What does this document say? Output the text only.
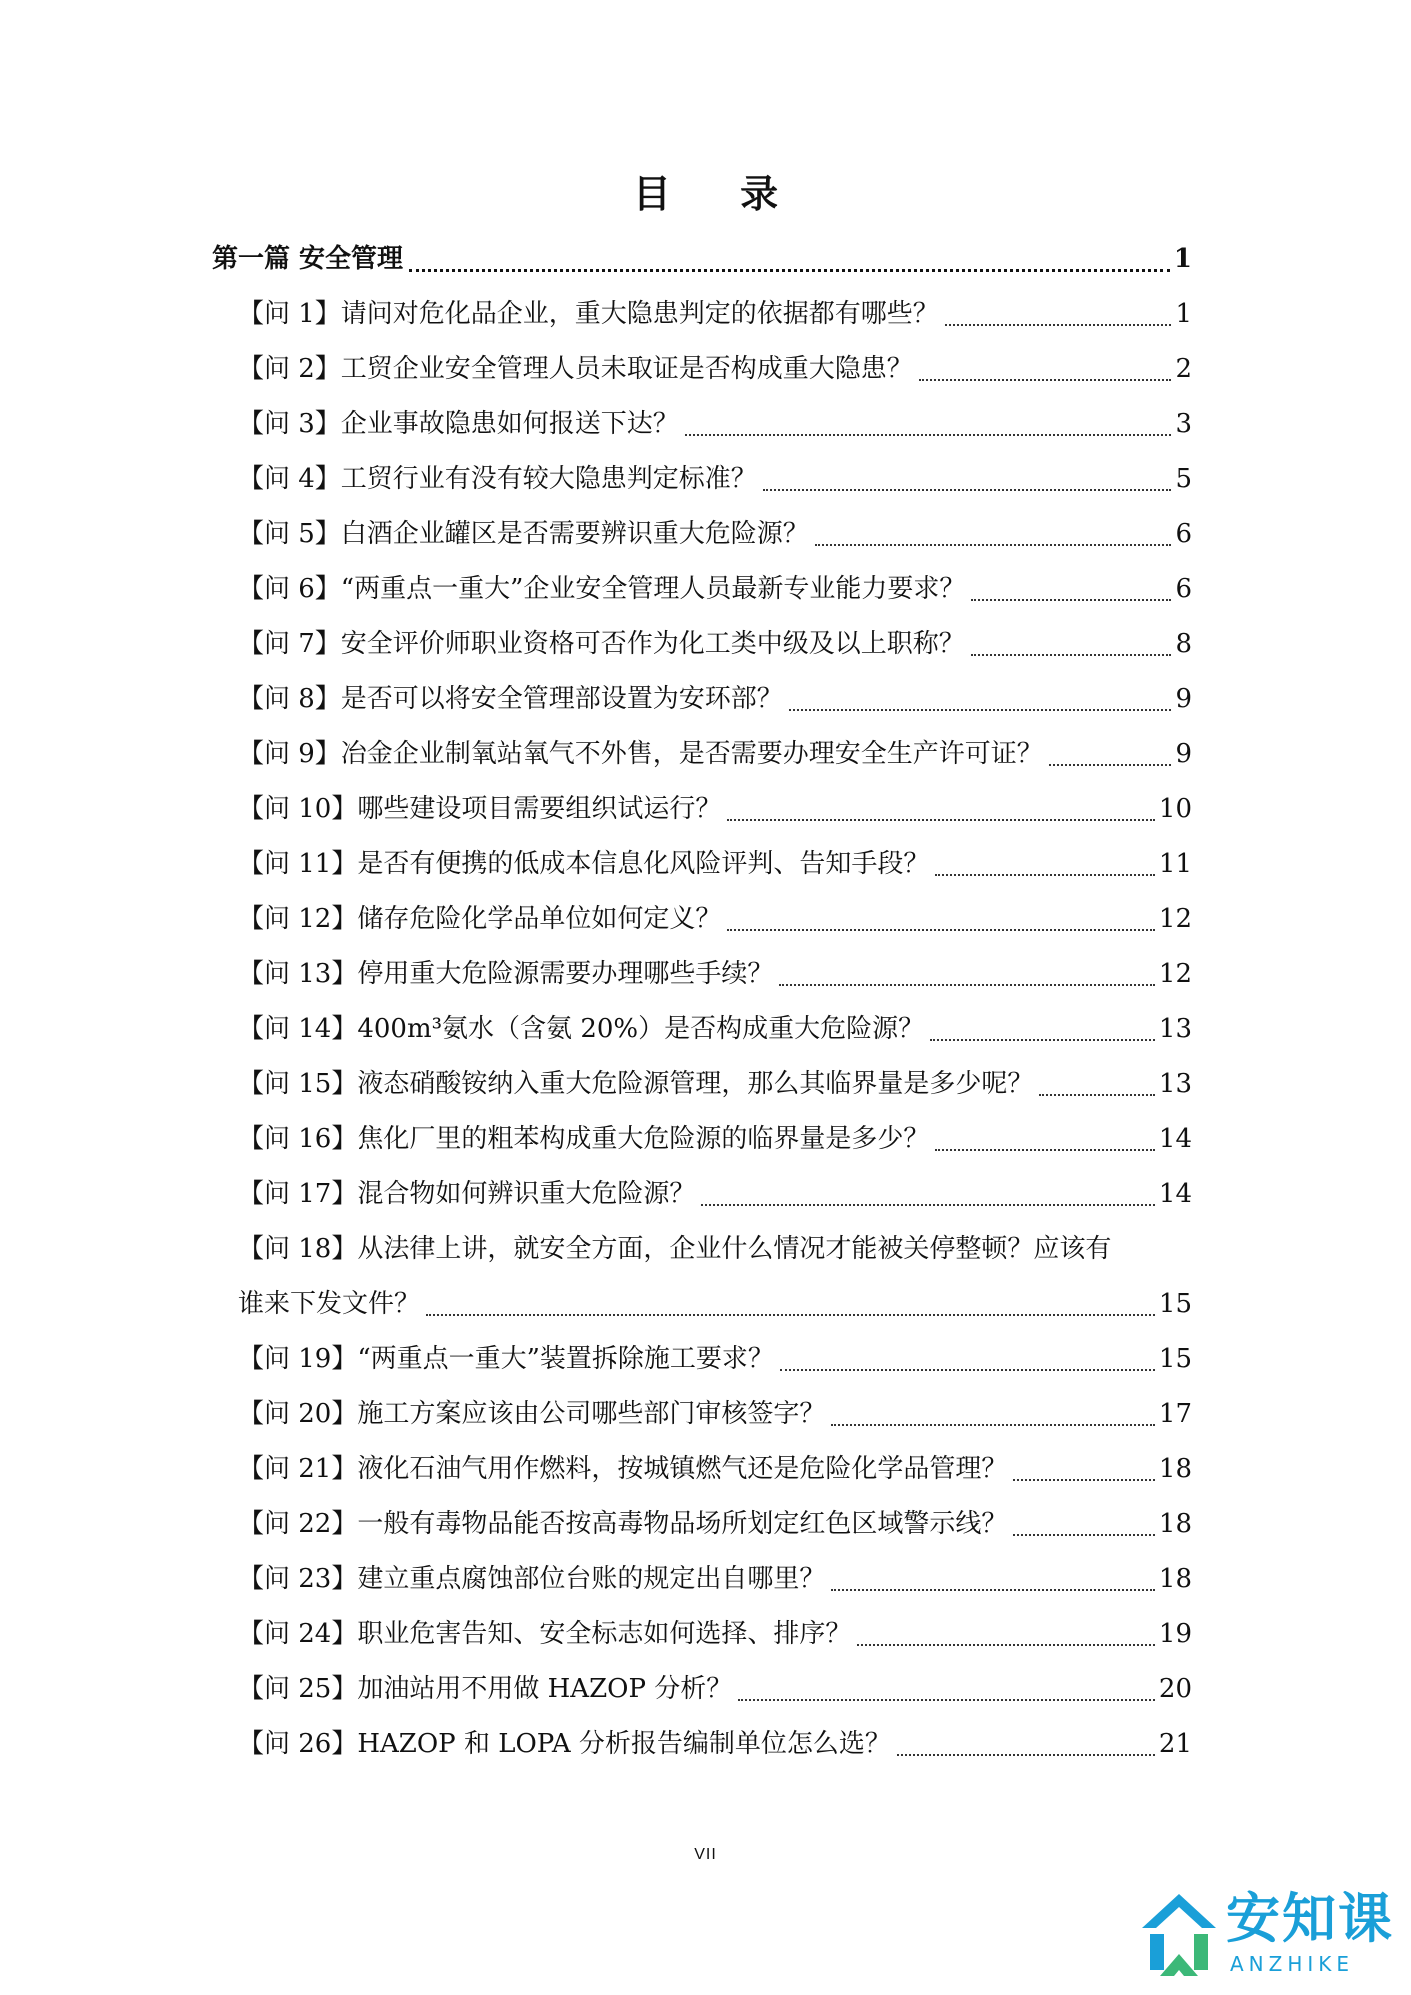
目 录
第一篇 安全管理	1
【问 1】请问对危化品企业，重大隐患判定的依据都有哪些？	1
【问 2】工贸企业安全管理人员未取证是否构成重大隐患？	2
【问 3】企业事故隐患如何报送下达？	3
【问 4】工贸行业有没有较大隐患判定标准？	5
【问 5】白酒企业罐区是否需要辨识重大危险源？	6
【问 6】“两重点一重大”企业安全管理人员最新专业能力要求？	6
【问 7】安全评价师职业资格可否作为化工类中级及以上职称？	8
【问 8】是否可以将安全管理部设置为安环部？	9
【问 9】冶金企业制氧站氧气不外售，是否需要办理安全生产许可证？	9
【问 10】哪些建设项目需要组织试运行？	10
【问 11】是否有便携的低成本信息化风险评判、告知手段？	11
【问 12】储存危险化学品单位如何定义？	12
【问 13】停用重大危险源需要办理哪些手续？	12
【问 14】400m³氨水（含氨 20%）是否构成重大危险源？	13
【问 15】液态硝酸铵纳入重大危险源管理，那么其临界量是多少呢？	13
【问 16】焦化厂里的粗苯构成重大危险源的临界量是多少？	14
【问 17】混合物如何辨识重大危险源？	14
【问 18】从法律上讲，就安全方面，企业什么情况才能被关停整顿？应该有
谁来下发文件？	15
【问 19】“两重点一重大”装置拆除施工要求？	15
【问 20】施工方案应该由公司哪些部门审核签字？	17
【问 21】液化石油气用作燃料，按城镇燃气还是危险化学品管理？	18
【问 22】一般有毒物品能否按高毒物品场所划定红色区域警示线？	18
【问 23】建立重点腐蚀部位台账的规定出自哪里？	18
【问 24】职业危害告知、安全标志如何选择、排序？	19
【问 25】加油站用不用做 HAZOP 分析？	20
【问 26】HAZOP 和 LOPA 分析报告编制单位怎么选？	21
VII
安知课
ANZHIKE
